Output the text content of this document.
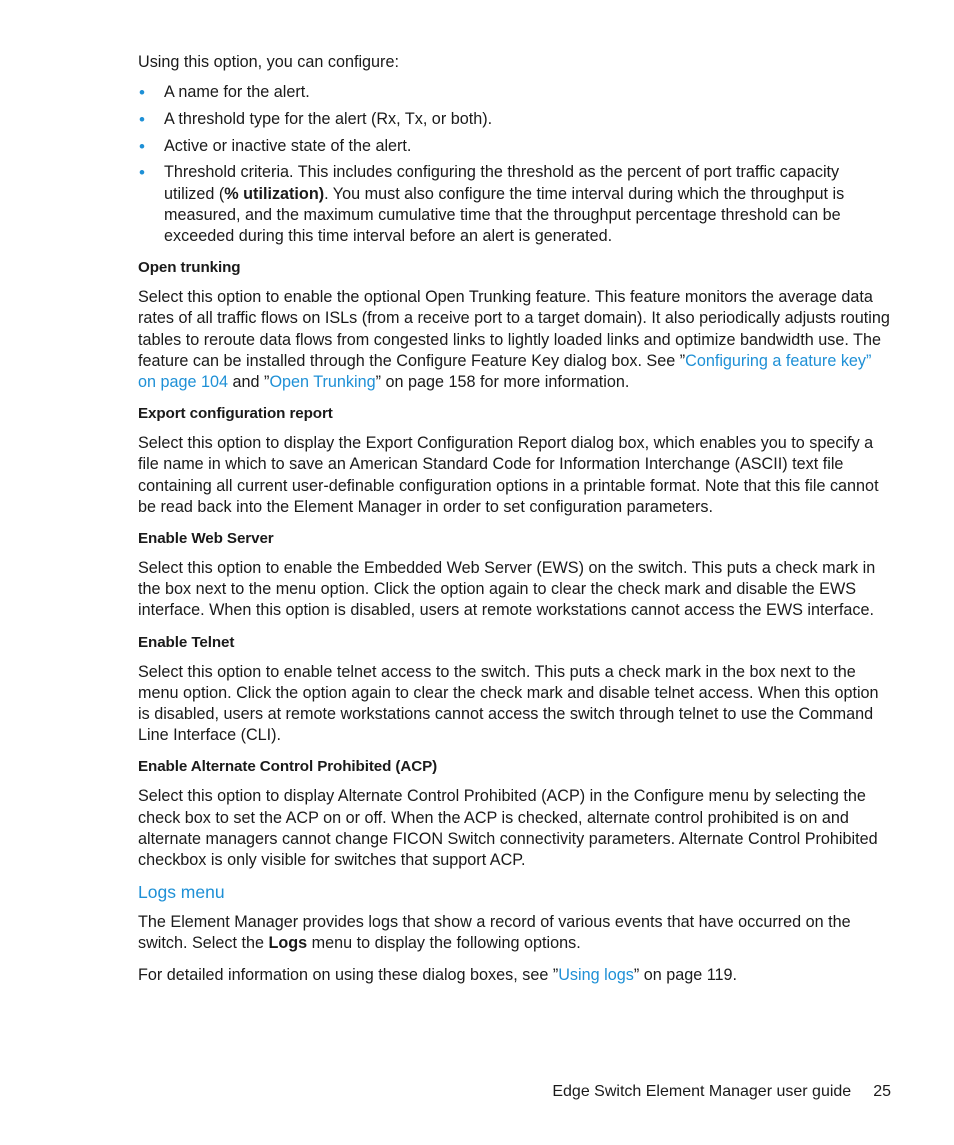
Using this option, you can configure:

• A name for the alert.
• A threshold type for the alert (Rx, Tx, or both).
• Active or inactive state of the alert.
• Threshold criteria. This includes configuring the threshold as the percent of port traffic capacity utilized (% utilization). You must also configure the time interval during which the throughput is measured, and the maximum cumulative time that the throughput percentage threshold can be exceeded during this time interval before an alert is generated.
Open trunking

Select this option to enable the optional Open Trunking feature. This feature monitors the average data rates of all traffic flows on ISLs (from a receive port to a target domain). It also periodically adjusts routing tables to reroute data flows from congested links to lightly loaded links and optimize bandwidth use. The feature can be installed through the Configure Feature Key dialog box. See ”Configuring a feature key” on page 104 and ”Open Trunking” on page 158 for more information.

Export configuration report

Select this option to display the Export Configuration Report dialog box, which enables you to specify a file name in which to save an American Standard Code for Information Interchange (ASCII) text file containing all current user-definable configuration options in a printable format. Note that this file cannot be read back into the Element Manager in order to set configuration parameters.

Enable Web Server

Select this option to enable the Embedded Web Server (EWS) on the switch. This puts a check mark in the box next to the menu option. Click the option again to clear the check mark and disable the EWS interface. When this option is disabled, users at remote workstations cannot access the EWS interface.

Enable Telnet

Select this option to enable telnet access to the switch. This puts a check mark in the box next to the menu option. Click the option again to clear the check mark and disable telnet access. When this option is disabled, users at remote workstations cannot access the switch through telnet to use the Command Line Interface (CLI).

Enable Alternate Control Prohibited (ACP)

Select this option to display Alternate Control Prohibited (ACP) in the Configure menu by selecting the check box to set the ACP on or off. When the ACP is checked, alternate control prohibited is on and alternate managers cannot change FICON Switch connectivity parameters. Alternate Control Prohibited checkbox is only visible for switches that support ACP.

Logs menu

The Element Manager provides logs that show a record of various events that have occurred on the switch. Select the Logs menu to display the following options.

For detailed information on using these dialog boxes, see ”Using logs” on page 119.

Edge Switch Element Manager user guide 25
